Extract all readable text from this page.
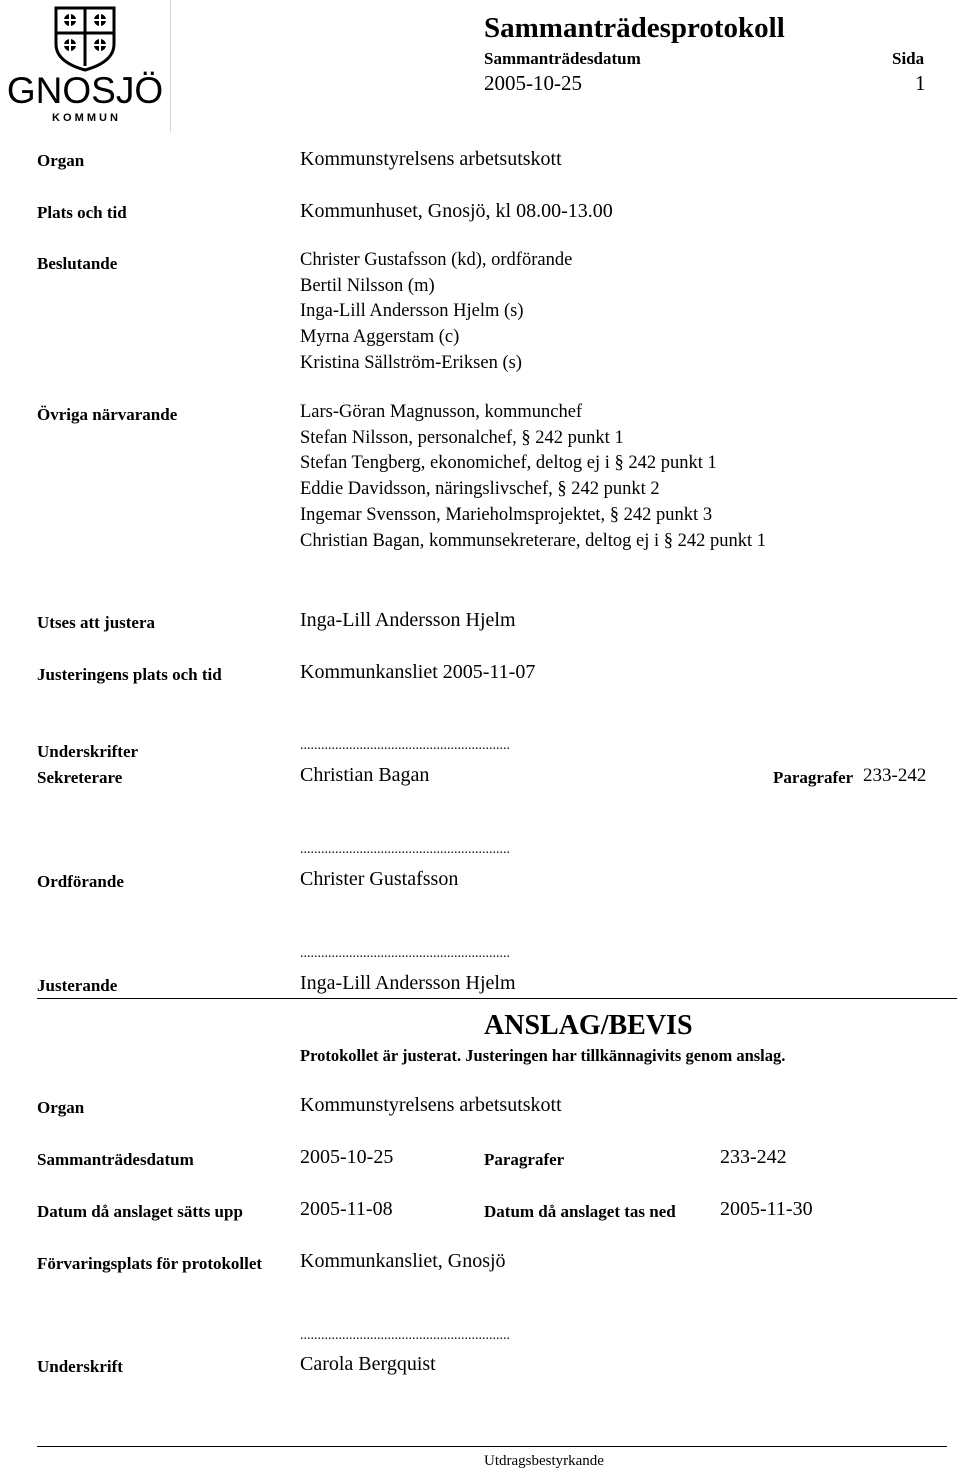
GNOSJÖ
K O M M U N
Sammanträdesprotokoll
Sammanträdesdatum	Sida
2005-10-25	1
Organ	Kommunstyrelsens arbetsutskott
Plats och tid	Kommunhuset, Gnosjö, kl 08.00-13.00
Beslutande	Christer Gustafsson (kd), ordförande
Bertil Nilsson (m)
Inga-Lill Andersson Hjelm (s)
Myrna Aggerstam (c)
Kristina Sällström-Eriksen (s)
Övriga närvarande	Lars-Göran Magnusson, kommunchef
Stefan Nilsson, personalchef, § 242 punkt 1
Stefan Tengberg, ekonomichef, deltog ej i § 242 punkt 1
Eddie Davidsson, näringslivschef, § 242 punkt 2
Ingemar Svensson, Marieholmsprojektet, § 242 punkt 3
Christian Bagan, kommunsekreterare, deltog ej i § 242 punkt 1
Utses att justera	Inga-Lill Andersson Hjelm
Justeringens plats och tid	Kommunkansliet 2005-11-07
Underskrifter	............................................................
Sekreterare	Christian Bagan	Paragrafer 233-242
............................................................
Ordförande	Christer Gustafsson
............................................................
Justerande	Inga-Lill Andersson Hjelm
ANSLAG/BEVIS
Protokollet är justerat. Justeringen har tillkännagivits genom anslag.
Organ	Kommunstyrelsens arbetsutskott
Sammanträdesdatum	2005-10-25	Paragrafer	233-242
Datum då anslaget sätts upp	2005-11-08	Datum då anslaget tas ned 2005-11-30
Förvaringsplats för protokollet Kommunkansliet, Gnosjö
............................................................
Underskrift	Carola Bergquist
Utdragsbestyrkande
